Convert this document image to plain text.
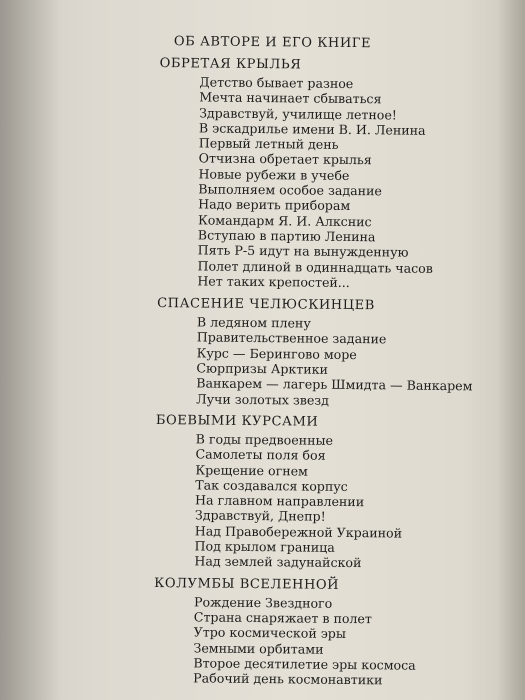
ОБ АВТОРЕ И ЕГО КНИГЕ
ОБРЕТАЯ КРЫЛЬЯ
Детство бывает разное
Мечта начинает сбываться
Здравствуй, училище летное!
В эскадрилье имени В. И. Ленина
Первый летный день
Отчизна обретает крылья
Новые рубежи в учебе
Выполняем особое задание
Надо верить приборам
Командарм Я. И. Алкснис
Вступаю в партию Ленина
Пять Р-5 идут на вынужденную
Полет длиной в одиннадцать часов
Нет таких крепостей...
СПАСЕНИЕ ЧЕЛЮСКИНЦЕВ
В ледяном плену
Правительственное задание
Курс — Берингово море
Сюрпризы Арктики
Ванкарем — лагерь Шмидта — Ванкарем
Лучи золотых звезд
БОЕВЫМИ КУРСАМИ
В годы предвоенные
Самолеты поля боя
Крещение огнем
Так создавался корпус
На главном направлении
Здравствуй, Днепр!
Над Правобережной Украиной
Под крылом граница
Над землей задунайской
КОЛУМБЫ ВСЕЛЕННОЙ
Рождение Звездного
Страна снаряжает в полет
Утро космической эры
Земными орбитами
Второе десятилетие эры космоса
Рабочий день космонавтики
